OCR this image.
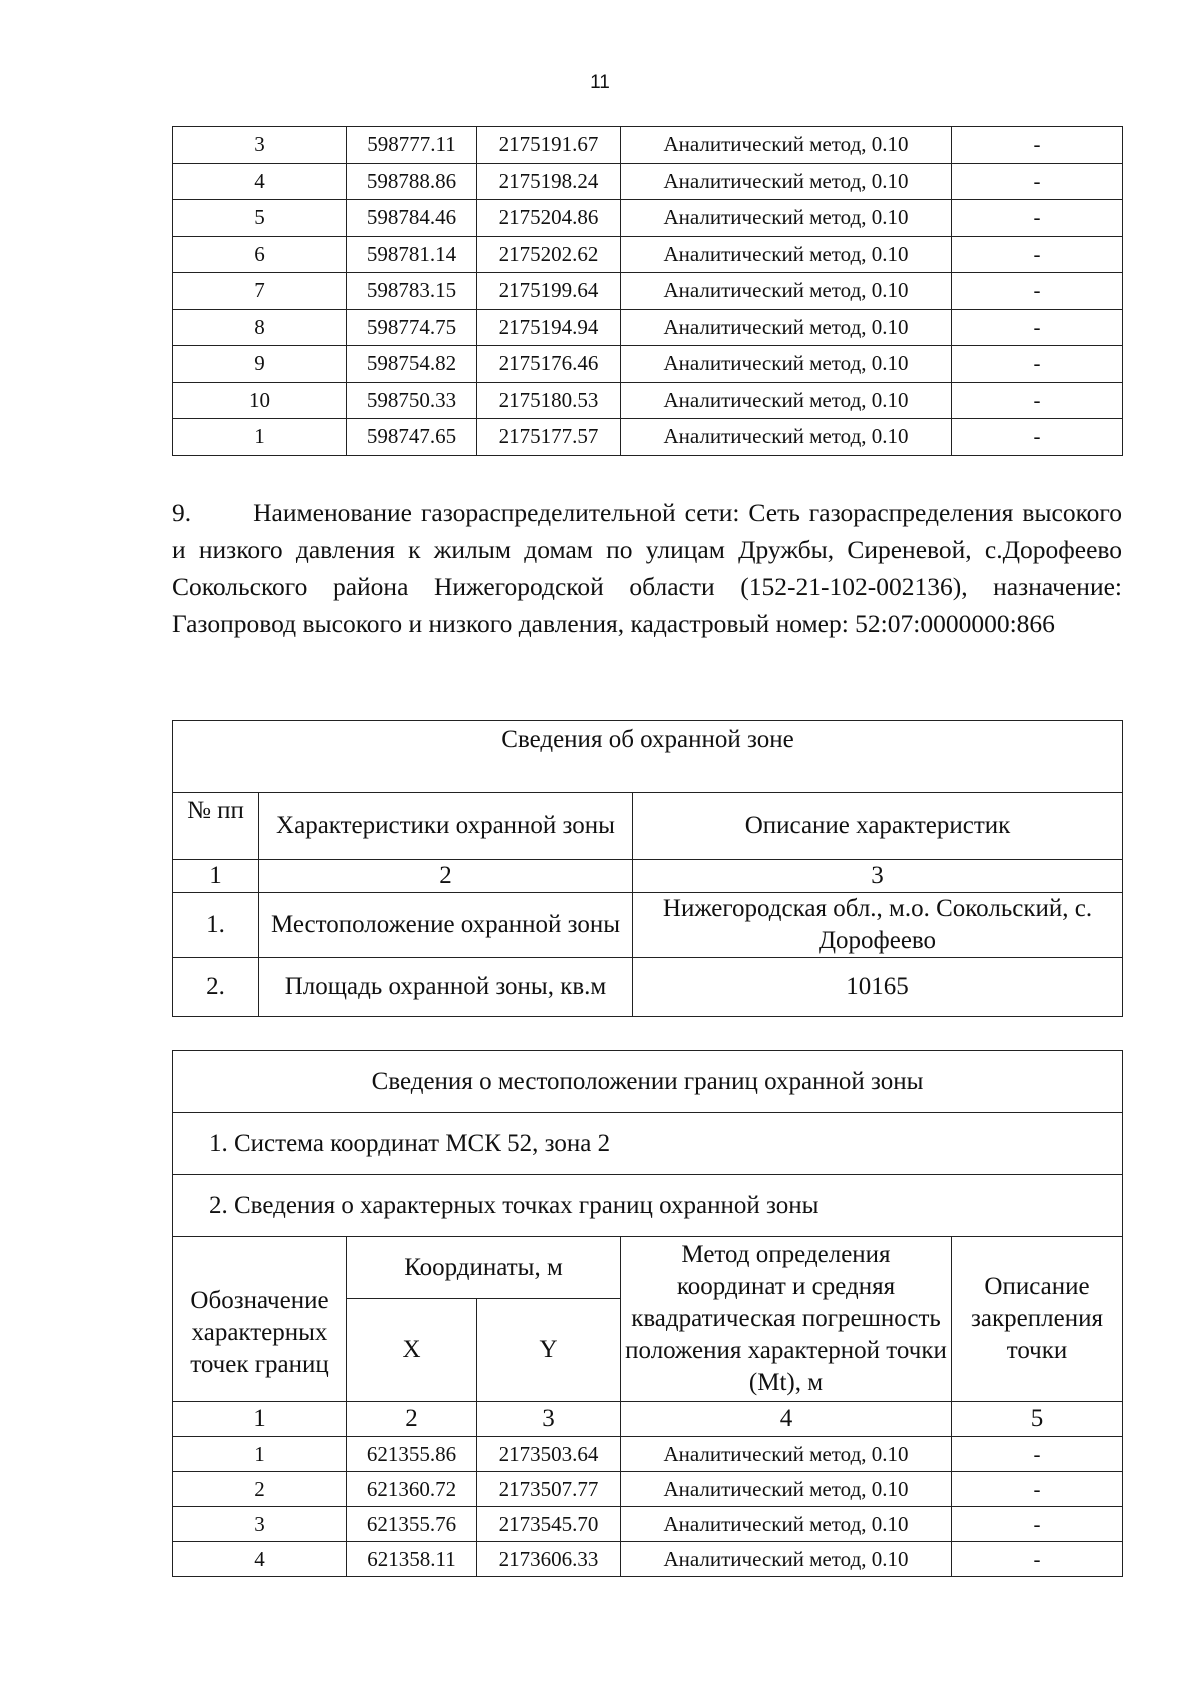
11
3	598777.11	2175191.67	Аналитический метод, 0.10	-
4	598788.86	2175198.24	Аналитический метод, 0.10	-
5	598784.46	2175204.86	Аналитический метод, 0.10	-
6	598781.14	2175202.62	Аналитический метод, 0.10	-
7	598783.15	2175199.64	Аналитический метод, 0.10	-
8	598774.75	2175194.94	Аналитический метод, 0.10	-
9	598754.82	2175176.46	Аналитический метод, 0.10	-
10	598750.33	2175180.53	Аналитический метод, 0.10	-
1	598747.65	2175177.57	Аналитический метод, 0.10	-
9. Наименование газораспределительной сети: Сеть газораспределения высокого и низкого давления к жилым домам по улицам Дружбы, Сиреневой, с.Дорофеево Сокольского района Нижегородской области (152-21-102-002136), назначение: Газопровод высокого и низкого давления, кадастровый номер: 52:07:0000000:866
Сведения об охранной зоне		
№ пп	Характеристики охранной зоны	Описание характеристик
1	2	3
1.	Местоположение охранной зоны	Нижегородская обл., м.о. Сокольский, с. Дорофеево
2.	Площадь охранной зоны, кв.м	10165
Сведения о местоположении границ охранной зоны				
1. Система координат МСК 52, зона 2				
2. Сведения о характерных точках границ охранной зоны				
Обозначение характерных точек границ	Координаты, м		Метод определения координат и средняя квадратическая погрешность положения характерной точки (Mt), м	Описание закрепления точки
	X	Y		
1	2	3	4	5
1	621355.86	2173503.64	Аналитический метод, 0.10	-
2	621360.72	2173507.77	Аналитический метод, 0.10	-
3	621355.76	2173545.70	Аналитический метод, 0.10	-
4	621358.11	2173606.33	Аналитический метод, 0.10	-
